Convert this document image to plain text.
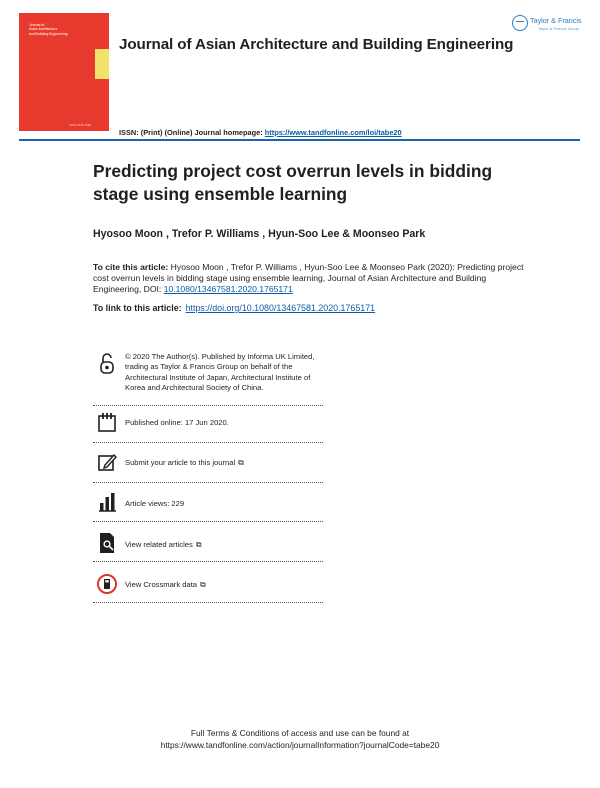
Journal of
Asian Architecture
and Building Engineering
ISSN 1346-7581
Journal of Asian Architecture and Building Engineering
Taylor & Francis
Taylor & Francis Group
ISSN: (Print) (Online) Journal homepage: https://www.tandfonline.com/loi/tabe20
Predicting project cost overrun levels in bidding stage using ensemble learning
Hyosoo Moon , Trefor P. Williams , Hyun-Soo Lee & Moonseo Park
To cite this article: Hyosoo Moon , Trefor P. Williams , Hyun-Soo Lee & Moonseo Park (2020): Predicting project cost overrun levels in bidding stage using ensemble learning, Journal of Asian Architecture and Building Engineering, DOI: 10.1080/13467581.2020.1765171
To link to this article: https://doi.org/10.1080/13467581.2020.1765171
© 2020 The Author(s). Published by Informa UK Limited, trading as Taylor & Francis Group on behalf of the Architectural Institute of Japan, Architectural Institute of Korea and Architectural Society of China.
Published online: 17 Jun 2020.
Submit your article to this journal ⧉
Article views: 229
View related articles ⧉
View Crossmark data ⧉
Full Terms & Conditions of access and use can be found at
https://www.tandfonline.com/action/journalInformation?journalCode=tabe20
